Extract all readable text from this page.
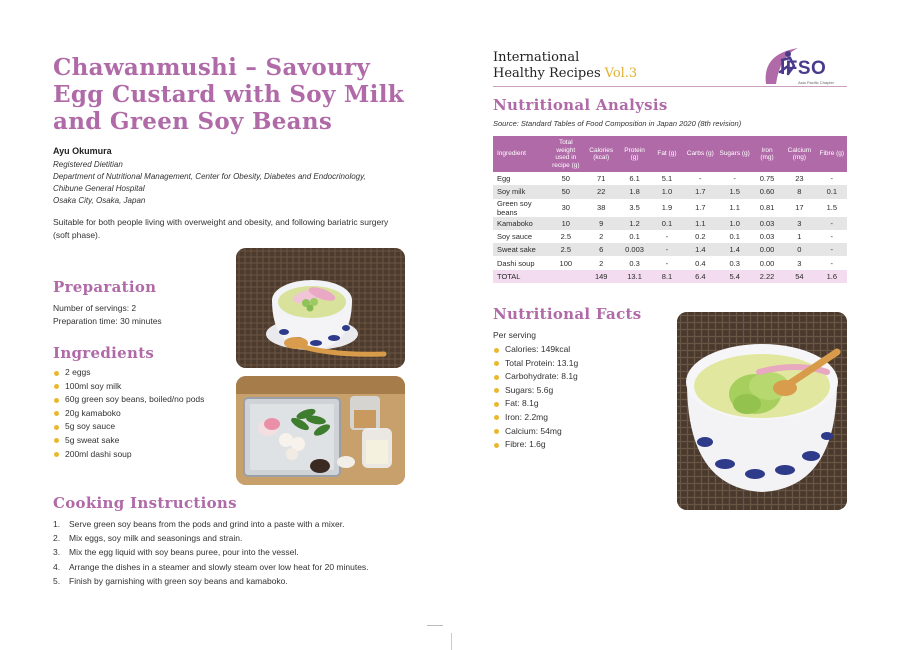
Chawanmushi – Savoury Egg Custard with Soy Milk and Green Soy Beans
Ayu Okumura
Registered Dietitian
Department of Nutritional Management, Center for Obesity, Diabetes and Endocrinology,
Chibune General Hospital
Osaka City, Osaka, Japan

Suitable for both people living with overweight and obesity, and following bariatric surgery (soft phase).

Preparation
Number of servings: 2
Preparation time: 30 minutes
Ingredients
2 eggs
100ml soy milk
60g green soy beans, boiled/no pods
20g kamaboko
5g soy sauce
5g sweat sake
200ml dashi soup
Cooking Instructions
1.	Serve green soy beans from the pods and grind into a paste with a mixer.
2.	Mix eggs, soy milk and seasonings and strain.
3.	Mix the egg liquid with soy beans puree, pour into the vessel.
4.	Arrange the dishes in a steamer and slowly steam over low heat for 20 minutes.
5.	Finish by garnishing with green soy beans and kamaboko.
International
Healthy Recipes Vol.3	IFSO
Asia Pacific Chapter
Nutritional Analysis
Source: Standard Tables of Food Composition in Japan 2020 (8th revision)
Ingredient	Total weight used in recipe (g)	Calories (kcal)	Protein (g)	Fat (g)	Carbs (g)	Sugars (g)	Iron (mg)	Calcium (mg)	Fibre (g)
Egg	50	71	6.1	5.1	-	-	0.75	23	-
Soy milk	50	22	1.8	1.0	1.7	1.5	0.60	8	0.1
Green soy beans	30	38	3.5	1.9	1.7	1.1	0.81	17	1.5
Kamaboko	10	9	1.2	0.1	1.1	1.0	0.03	3	-
Soy sauce	2.5	2	0.1	-	0.2	0.1	0.03	1	-
Sweat sake	2.5	6	0.003	-	1.4	1.4	0.00	0	-
Dashi soup	100	2	0.3	-	0.4	0.3	0.00	3	-
TOTAL		149	13.1	8.1	6.4	5.4	2.22	54	1.6
Nutritional Facts
Per serving
Calories: 149kcal
Total Protein: 13.1g
Carbohydrate: 8.1g
Sugars: 5.6g
Fat: 8.1g
Iron: 2.2mg
Calcium: 54mg
Fibre: 1.6g
